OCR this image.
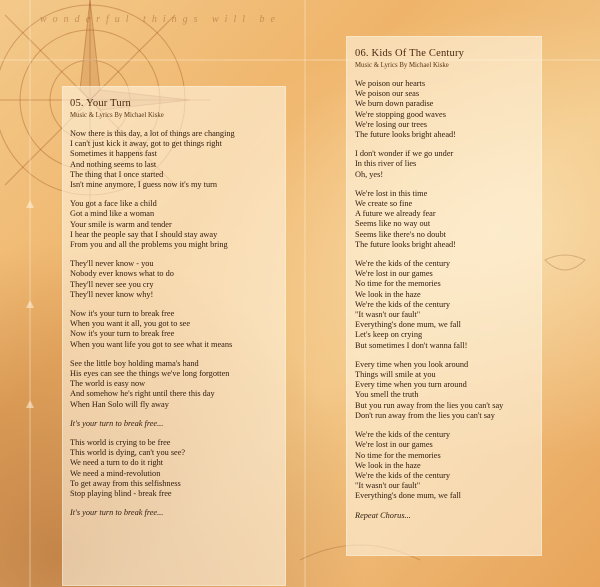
wonderful things will be
05. Your Turn
Music & Lyrics By Michael Kiske
Now there is this day, a lot of things are changing
I can't just kick it away, got to get things right
Sometimes it happens fast
And nothing seems to last
The thing that I once started
Isn't mine anymore, I guess now it's my turn
You got a face like a child
Got a mind like a woman
Your smile is warm and tender
I hear the people say that I should stay away
From you and all the problems you might bring
They'll never know - you
Nobody ever knows what to do
They'll never see you cry
They'll never know why!
Now it's your turn to break free
When you want it all, you got to see
Now it's your turn to break free
When you want life you got to see what it means
See the little boy holding mama's hand
His eyes can see the things we've long forgotten
The world is easy now
And somehow he's right until there this day
When Han Solo will fly away
It's your turn to break free...
This world is crying to be free
This world is dying, can't you see?
We need a turn to do it right
We need a mind-revolution
To get away from this selfishness
Stop playing blind - break free
It's your turn to break free...
06. Kids Of The Century
Music & Lyrics By Michael Kiske
We poison our hearts
We poison our seas
We burn down paradise
We're stopping good waves
We're losing our trees
The future looks bright ahead!
I don't wonder if we go under
In this river of lies
Oh, yes!
We're lost in this time
We create so fine
A future we already fear
Seems like no way out
Seems like there's no doubt
The future looks bright ahead!
We're the kids of the century
We're lost in our games
No time for the memories
We look in the haze
We're the kids of the century
"It wasn't our fault"
Everything's done mum, we fall
Let's keep on crying
But sometimes I don't wanna fall!
Every time when you look around
Things will smile at you
Every time when you turn around
You smell the truth
But you run away from the lies you can't say
Don't run away from the lies you can't say
We're the kids of the century
We're lost in our games
No time for the memories
We look in the haze
We're the kids of the century
"It wasn't our fault"
Everything's done mum, we fall
Repeat Chorus...
